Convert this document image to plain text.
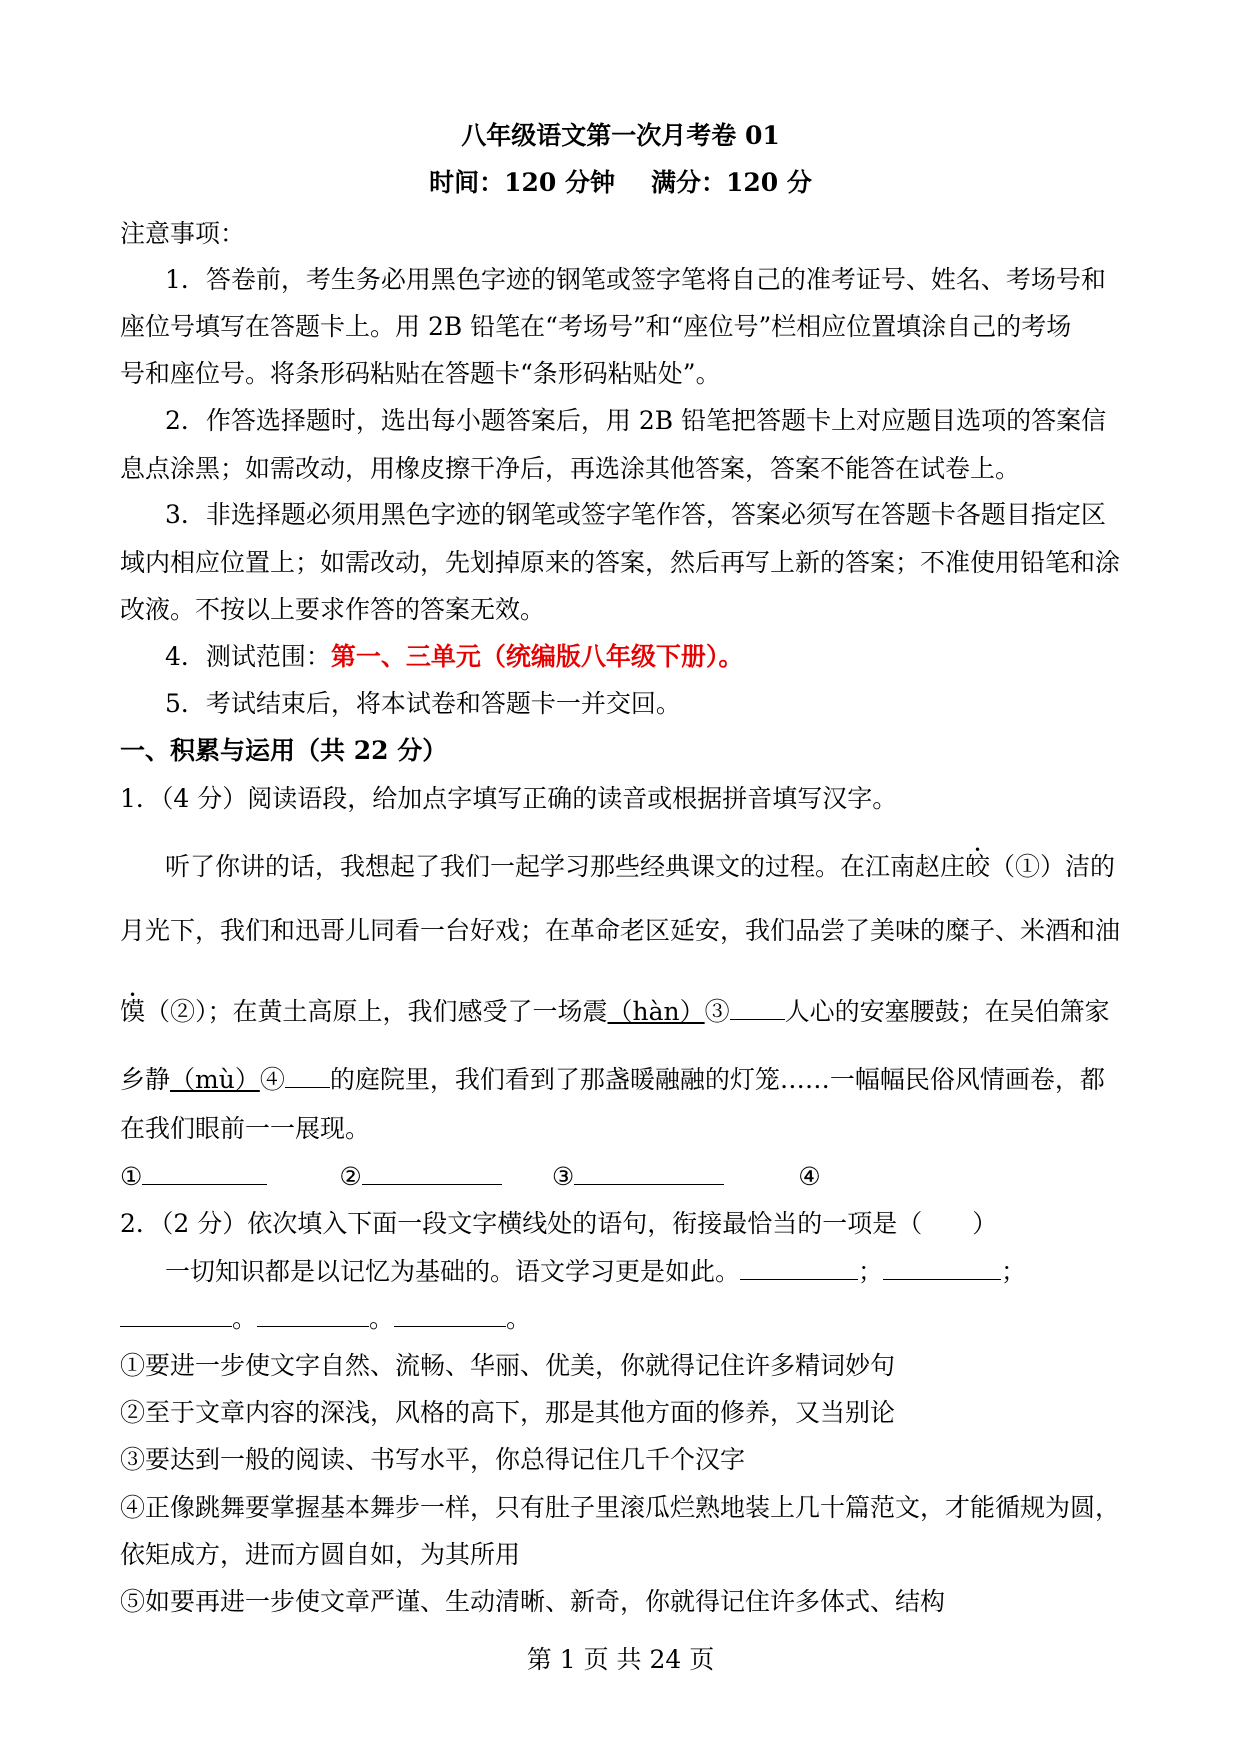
八年级语文第一次月考卷 01
时间：120 分钟 满分：120 分
注意事项：
1．答卷前，考生务必用黑色字迹的钢笔或签字笔将自己的准考证号、姓名、考场号和
座位号填写在答题卡上。用 2B 铅笔在“考场号”和“座位号”栏相应位置填涂自己的考场
号和座位号。将条形码粘贴在答题卡“条形码粘贴处”。
2．作答选择题时，选出每小题答案后，用 2B 铅笔把答题卡上对应题目选项的答案信
息点涂黑；如需改动，用橡皮擦干净后，再选涂其他答案，答案不能答在试卷上。
3．非选择题必须用黑色字迹的钢笔或签字笔作答，答案必须写在答题卡各题目指定区
域内相应位置上；如需改动，先划掉原来的答案，然后再写上新的答案；不准使用铅笔和涂
改液。不按以上要求作答的答案无效。
4．测试范围：第一、三单元（统编版八年级下册）。
5．考试结束后，将本试卷和答题卡一并交回。
一、积累与运用（共 22 分）
1．（4 分）阅读语段，给加点字填写正确的读音或根据拼音填写汉字。
听了你讲的话，我想起了我们一起学习那些经典课文的过程。在江南赵庄皎（①）洁的
月光下，我们和迅哥儿同看一台好戏；在革命老区延安，我们品尝了美味的糜子、米酒和油
馍（②）；在黄土高原上，我们感受了一场震（hàn）③ 人心的安塞腰鼓；在吴伯箫家
乡静（mù）④ 的庭院里，我们看到了那盏暖融融的灯笼……一幅幅民俗风情画卷，都
在我们眼前一一展现。
①	②	③	④
2．（2 分）依次填入下面一段文字横线处的语句，衔接最恰当的一项是（　　）
一切知识都是以记忆为基础的。语文学习更是如此。	；	；
。	。	。
①要进一步使文字自然、流畅、华丽、优美，你就得记住许多精词妙句
②至于文章内容的深浅，风格的高下，那是其他方面的修养，又当别论
③要达到一般的阅读、书写水平，你总得记住几千个汉字
④正像跳舞要掌握基本舞步一样，只有肚子里滚瓜烂熟地装上几十篇范文，才能循规为圆，
依矩成方，进而方圆自如，为其所用
⑤如要再进一步使文章严谨、生动清晰、新奇，你就得记住许多体式、结构
第 1 页 共 24 页
